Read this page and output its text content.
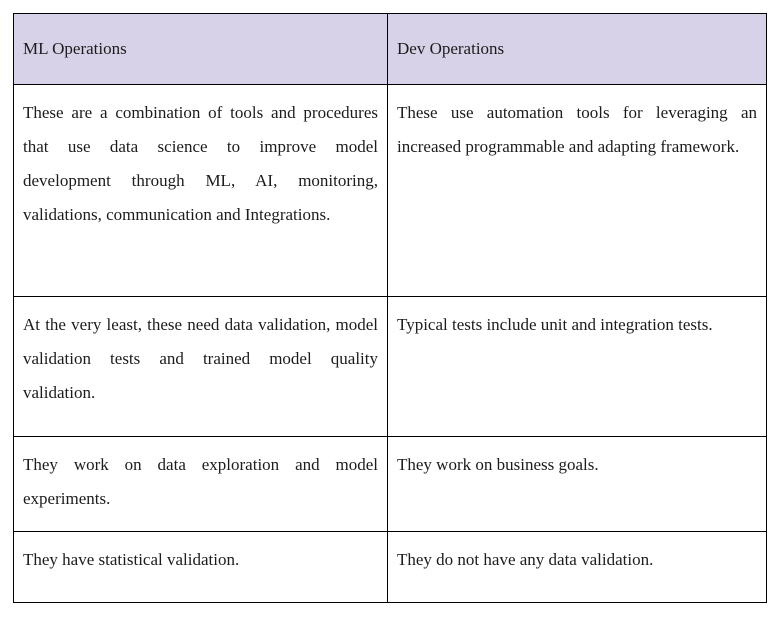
ML Operations	Dev Operations
These are a combination of tools and procedures that use data science to improve model development through ML, AI, monitoring, validations, communication and Integrations.	These use automation tools for leveraging an increased programmable and adapting framework.
At the very least, these need data validation, model validation tests and trained model quality validation.	Typical tests include unit and integration tests.
They work on data exploration and model experiments.	They work on business goals.
They have statistical validation.	They do not have any data validation.
